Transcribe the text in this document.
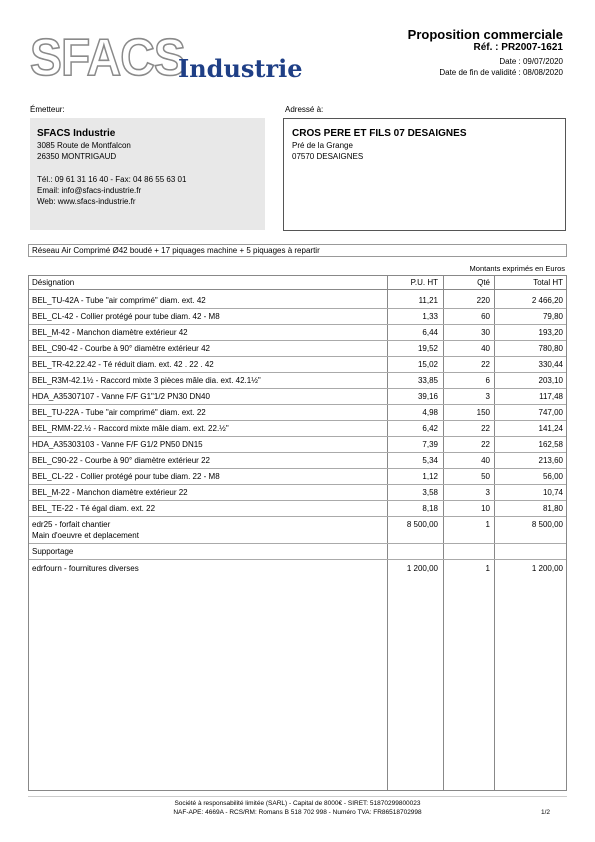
SFACS
Industrie
Proposition commerciale
Réf. : PR2007-1621
Date : 09/07/2020
Date de fin de validité : 08/08/2020
Émetteur:
SFACS Industrie
3085 Route de Montfalcon
26350 MONTRIGAUD
Tél.: 09 61 31 16 40 - Fax: 04 86 55 63 01
Email: info@sfacs-industrie.fr
Web: www.sfacs-industrie.fr
Adressé à:
CROS PERE ET FILS 07 DESAIGNES
Pré de la Grange
07570 DESAIGNES
Réseau Air Comprimé Ø42 boudé + 17 piquages machine + 5 piquages à repartir
Montants exprimés en Euros
Désignation	P.U. HT	Qté	Total HT
BEL_TU-42A - Tube "air comprimé" diam. ext. 42	11,21	220	2 466,20
BEL_CL-42 - Collier protégé pour tube diam. 42 - M8	1,33	60	79,80
BEL_M-42 - Manchon diamètre extérieur 42	6,44	30	193,20
BEL_C90-42 - Courbe à 90° diamètre extérieur 42	19,52	40	780,80
BEL_TR-42.22.42 - Té réduit diam. ext. 42 . 22 . 42	15,02	22	330,44
BEL_R3M-42.1½ - Raccord mixte 3 pièces mâle dia. ext. 42.1½"	33,85	6	203,10
HDA_A35307107 - Vanne F/F G1"1/2 PN30 DN40	39,16	3	117,48
BEL_TU-22A - Tube "air comprimé" diam. ext. 22	4,98	150	747,00
BEL_RMM-22.½ - Raccord mixte mâle diam. ext. 22.½"	6,42	22	141,24
HDA_A35303103 - Vanne F/F G1/2 PN50 DN15	7,39	22	162,58
BEL_C90-22 - Courbe à 90° diamètre extérieur 22	5,34	40	213,60
BEL_CL-22 - Collier protégé pour tube diam. 22 - M8	1,12	50	56,00
BEL_M-22 - Manchon diamètre extérieur 22	3,58	3	10,74
BEL_TE-22 - Té égal diam. ext. 22	8,18	10	81,80
edr25 - forfait chantier
Main d'oeuvre et deplacement
8 500,00	1	8 500,00
Supportage
edrfourn - fournitures diverses	1 200,00	1	1 200,00
Société à responsabilité limitée (SARL) - Capital de 8000€ - SIRET: 51870299800023
NAF-APE: 4669A - RCS/RM: Romans B 518 702 998 - Numéro TVA: FR86518702998	1/2
